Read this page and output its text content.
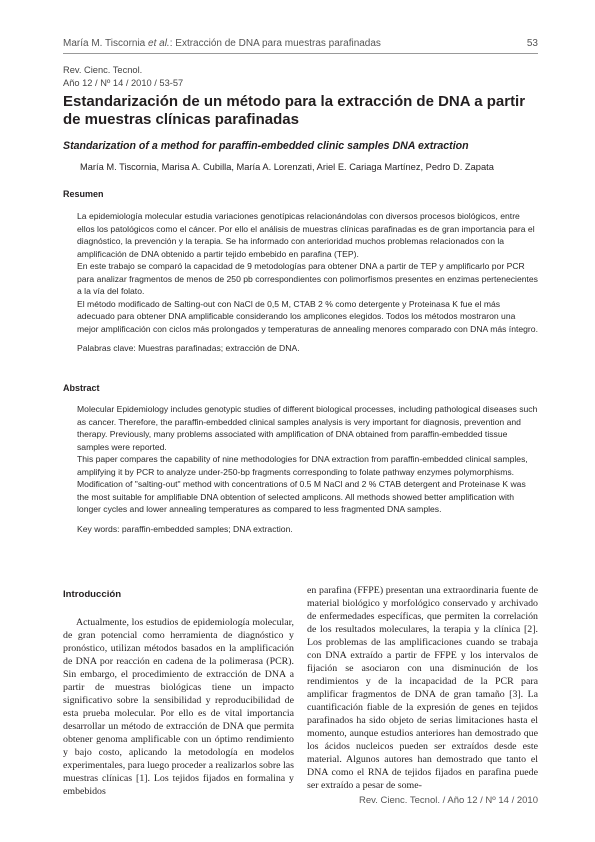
María M. Tiscornia et al.: Extracción de DNA para muestras parafinadas	53
Rev. Cienc. Tecnol.
Año 12 / Nº 14 / 2010 / 53-57
Estandarización de un método para la extracción de DNA a partir de muestras clínicas parafinadas
Standarization of a method for paraffin-embedded clinic samples DNA extraction
María M. Tiscornia, Marisa A. Cubilla, María A. Lorenzati, Ariel E. Cariaga Martínez, Pedro D. Zapata
Resumen

La epidemiología molecular estudia variaciones genotípicas relacionándolas con diversos procesos biológicos, entre ellos los patológicos como el cáncer. Por ello el análisis de muestras clínicas parafinadas es de gran importancia para el diagnóstico, la prevención y la terapia. Se ha informado con anterioridad muchos problemas relacionados con la amplificación de DNA obtenido a partir tejido embebido en parafina (TEP).

En este trabajo se comparó la capacidad de 9 metodologías para obtener DNA a partir de TEP y amplificarlo por PCR para analizar fragmentos de menos de 250 pb correspondientes con polimorfismos presentes en enzimas pertenecientes a la vía del folato.

El método modificado de Salting-out con NaCl de 0,5 M, CTAB 2 % como detergente y Proteinasa K fue el más adecuado para obtener DNA amplificable considerando los amplicones elegidos. Todos los métodos mostraron una mejor amplificación con ciclos más prolongados y temperaturas de annealing menores comparado con DNA más íntegro.

Palabras clave: Muestras parafinadas; extracción de DNA.

Abstract

Molecular Epidemiology includes genotypic studies of different biological processes, including pathological diseases such as cancer. Therefore, the paraffin-embedded clinical samples analysis is very important for diagnosis, prevention and therapy. Previously, many problems associated with amplification of DNA obtained from paraffin-embedded tissue samples were reported.

This paper compares the capability of nine methodologies for DNA extraction from paraffin-embedded clinical samples, amplifying it by PCR to analyze under-250-bp fragments corresponding to folate pathway enzymes polymorphisms. Modification of "salting-out" method with concentrations of 0.5 M NaCl and 2 % CTAB detergent and Proteinase K was the most suitable for amplifiable DNA obtention of selected amplicons. All methods showed better amplification with longer cycles and lower annealing temperatures as compared to less fragmented DNA samples.

Key words: paraffin-embedded samples; DNA extraction.

Introducción

Actualmente, los estudios de epidemiología molecular, de gran potencial como herramienta de diagnóstico y pronóstico, utilizan métodos basados en la amplificación de DNA por reacción en cadena de la polimerasa (PCR). Sin embargo, el procedimiento de extracción de DNA a partir de muestras biológicas tiene un impacto significativo sobre la sensibilidad y reproducibilidad de esta prueba molecular. Por ello es de vital importancia desarrollar un método de extracción de DNA que permita obtener genoma amplificable con un óptimo rendimiento y bajo costo, aplicando la metodología en modelos experimentales, para luego proceder a realizarlos sobre las muestras clínicas [1]. Los tejidos fijados en formalina y embebidos

en parafina (FFPE) presentan una extraordinaria fuente de material biológico y morfológico conservado y archivado de enfermedades específicas, que permiten la correlación de los resultados moleculares, la terapia y la clínica [2]. Los problemas de las amplificaciones cuando se trabaja con DNA extraído a partir de FFPE y los intervalos de fijación se asociaron con una disminución de los rendimientos y de la incapacidad de la PCR para amplificar fragmentos de DNA de gran tamaño [3]. La cuantificación fiable de la expresión de genes en tejidos parafinados ha sido objeto de serias limitaciones hasta el momento, aunque estudios anteriores han demostrado que los ácidos nucleicos pueden ser extraídos desde este material. Algunos autores han demostrado que tanto el DNA como el RNA de tejidos fijados en parafina puede ser extraído a pesar de some-

Rev. Cienc. Tecnol. / Año 12 / Nº 14 / 2010
